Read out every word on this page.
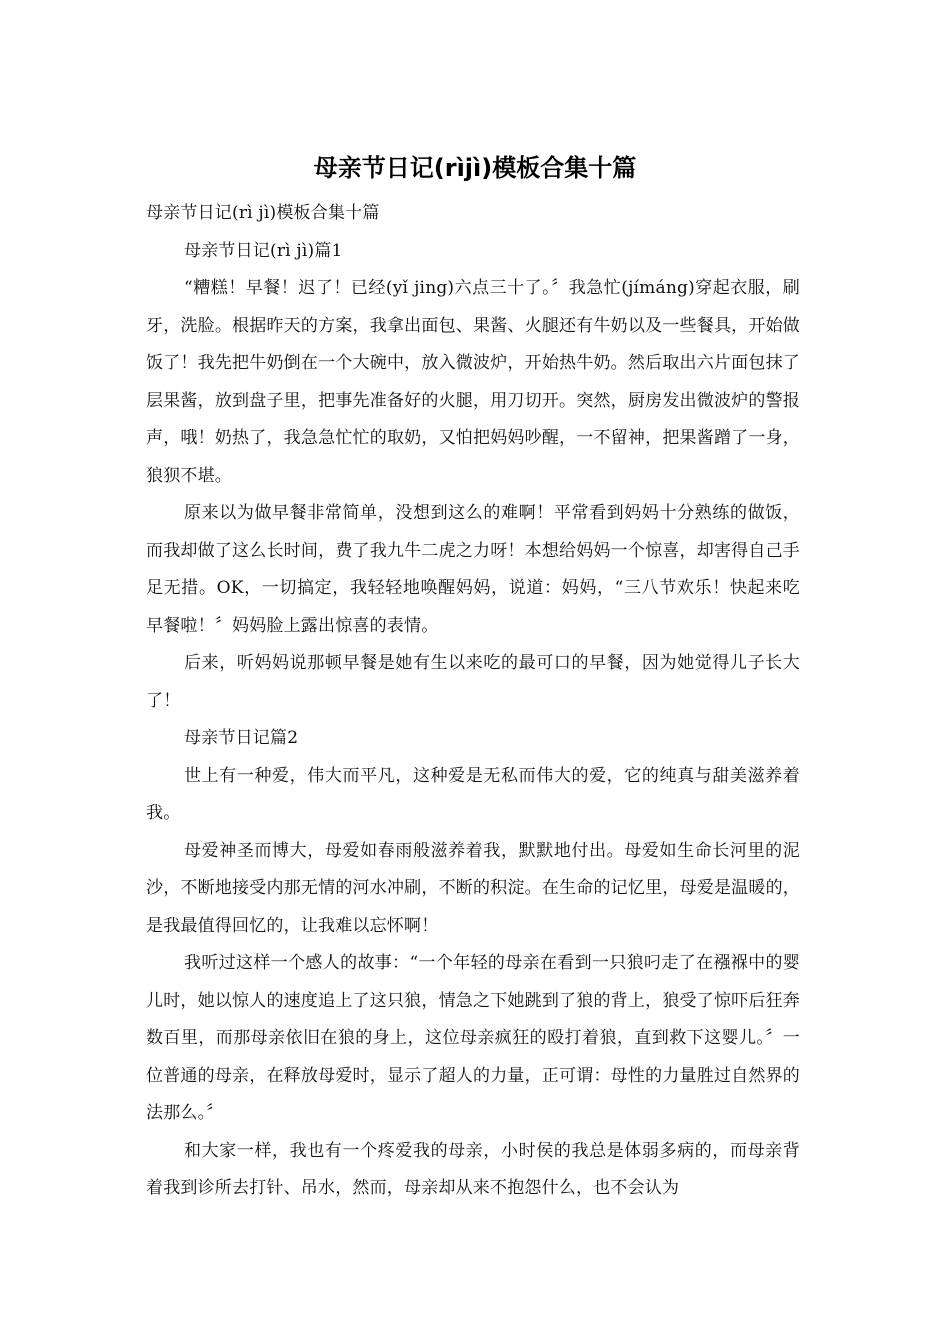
母亲节日记(rìjì)模板合集十篇

母亲节日记(rì jì)模板合集十篇

母亲节日记(rì jì)篇1

“糟糕！早餐！迟了！已经(yǐ jing)六点三十了。〞我急忙(jímáng)穿起衣服，刷牙，洗脸。根据昨天的方案，我拿出面包、果酱、火腿还有牛奶以及一些餐具，开始做饭了！我先把牛奶倒在一个大碗中，放入微波炉，开始热牛奶。然后取出六片面包抹了层果酱，放到盘子里，把事先准备好的火腿，用刀切开。突然，厨房发出微波炉的警报声，哦！奶热了，我急急忙忙的取奶，又怕把妈妈吵醒，一不留神，把果酱蹭了一身，狼狈不堪。

原来以为做早餐非常简单，没想到这么的难啊！平常看到妈妈十分熟练的做饭，而我却做了这么长时间，费了我九牛二虎之力呀！本想给妈妈一个惊喜，却害得自己手足无措。OK，一切搞定，我轻轻地唤醒妈妈，说道：妈妈，“三八节欢乐！快起来吃早餐啦！〞妈妈脸上露出惊喜的表情。

后来，听妈妈说那顿早餐是她有生以来吃的最可口的早餐，因为她觉得儿子长大了！

母亲节日记篇2

世上有一种爱，伟大而平凡，这种爱是无私而伟大的爱，它的纯真与甜美滋养着我。

母爱神圣而博大，母爱如春雨般滋养着我，默默地付出。母爱如生命长河里的泥沙，不断地接受内那无情的河水冲刷，不断的积淀。在生命的记忆里，母爱是温暖的，是我最值得回忆的，让我难以忘怀啊！

我听过这样一个感人的故事：“一个年轻的母亲在看到一只狼叼走了在襁褓中的婴儿时，她以惊人的速度追上了这只狼，情急之下她跳到了狼的背上，狼受了惊吓后狂奔数百里，而那母亲依旧在狼的身上，这位母亲疯狂的殴打着狼，直到救下这婴儿。〞一位普通的母亲，在释放母爱时，显示了超人的力量，正可谓：母性的力量胜过自然界的法那么。〞

和大家一样，我也有一个疼爱我的母亲，小时侯的我总是体弱多病的，而母亲背着我到诊所去打针、吊水，然而，母亲却从来不抱怨什么，也不会认为
